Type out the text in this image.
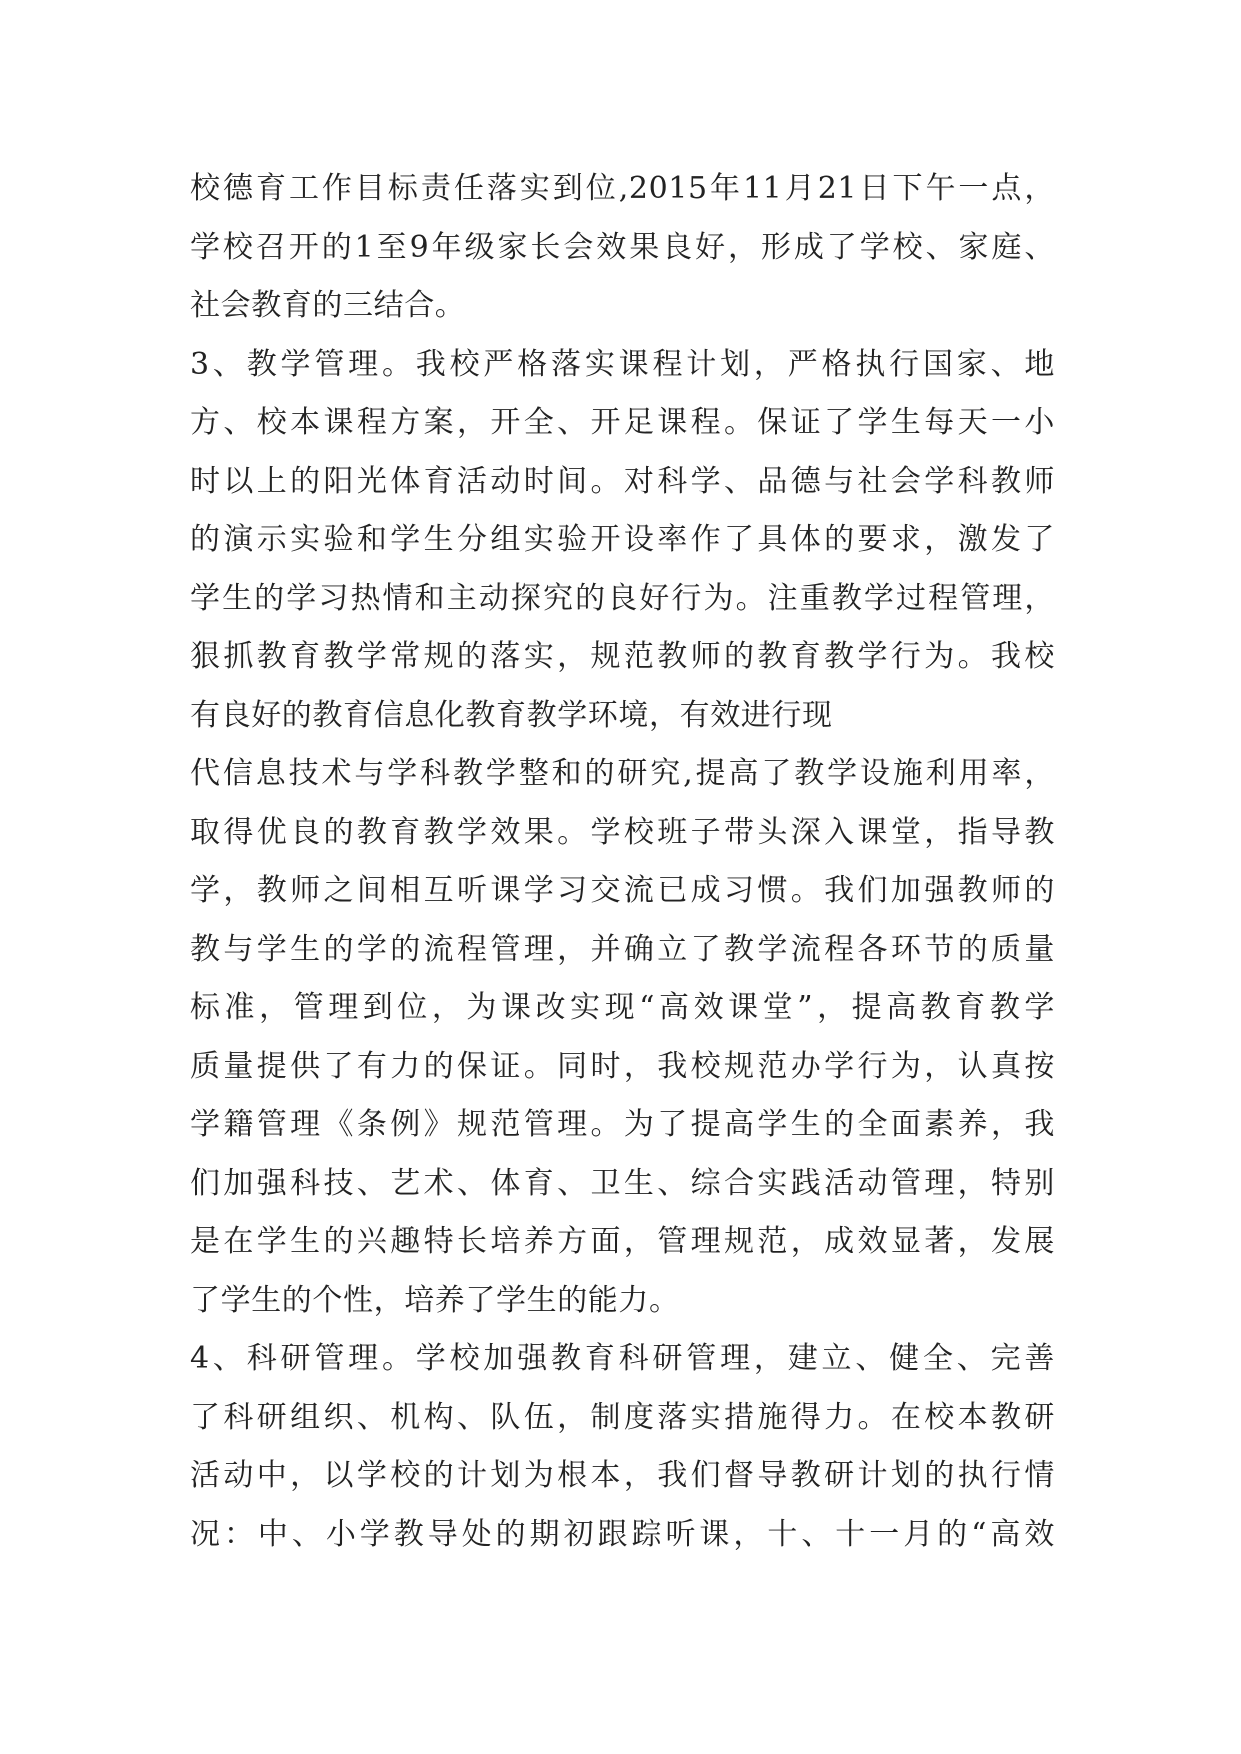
校德育工作目标责任落实到位,2015年11月21日下午一点，
学校召开的1至9年级家长会效果良好，形成了学校、家庭、
社会教育的三结合。
3、教学管理。我校严格落实课程计划，严格执行国家、地
方、校本课程方案，开全、开足课程。保证了学生每天一小
时以上的阳光体育活动时间。对科学、品德与社会学科教师
的演示实验和学生分组实验开设率作了具体的要求，激发了
学生的学习热情和主动探究的良好行为。注重教学过程管理，
狠抓教育教学常规的落实，规范教师的教育教学行为。我校
有良好的教育信息化教育教学环境，有效进行现
代信息技术与学科教学整和的研究,提高了教学设施利用率，
取得优良的教育教学效果。学校班子带头深入课堂，指导教
学，教师之间相互听课学习交流已成习惯。我们加强教师的
教与学生的学的流程管理，并确立了教学流程各环节的质量
标准，管理到位，为课改实现“高效课堂”，提高教育教学
质量提供了有力的保证。同时，我校规范办学行为，认真按
学籍管理《条例》规范管理。为了提高学生的全面素养，我
们加强科技、艺术、体育、卫生、综合实践活动管理，特别
是在学生的兴趣特长培养方面，管理规范，成效显著，发展
了学生的个性，培养了学生的能力。
4、科研管理。学校加强教育科研管理，建立、健全、完善
了科研组织、机构、队伍，制度落实措施得力。在校本教研
活动中，以学校的计划为根本，我们督导教研计划的执行情
况：中、小学教导处的期初跟踪听课，十、十一月的“高效
